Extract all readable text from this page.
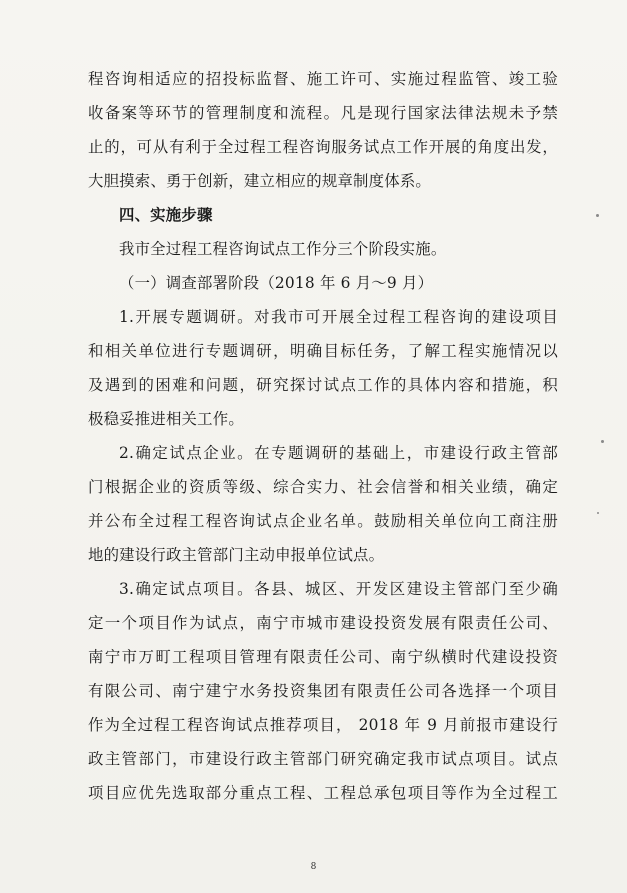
程咨询相适应的招投标监督、施工许可、实施过程监管、竣工验
收备案等环节的管理制度和流程。凡是现行国家法律法规未予禁
止的，可从有利于全过程工程咨询服务试点工作开展的角度出发，
大胆摸索、勇于创新，建立相应的规章制度体系。
四、实施步骤
我市全过程工程咨询试点工作分三个阶段实施。
（一）调查部署阶段（2018 年 6 月～9 月）
1.开展专题调研。对我市可开展全过程工程咨询的建设项目
和相关单位进行专题调研，明确目标任务，了解工程实施情况以
及遇到的困难和问题，研究探讨试点工作的具体内容和措施，积
极稳妥推进相关工作。
2.确定试点企业。在专题调研的基础上，市建设行政主管部
门根据企业的资质等级、综合实力、社会信誉和相关业绩，确定
并公布全过程工程咨询试点企业名单。鼓励相关单位向工商注册
地的建设行政主管部门主动申报单位试点。
3.确定试点项目。各县、城区、开发区建设主管部门至少确
定一个项目作为试点，南宁市城市建设投资发展有限责任公司、
南宁市万町工程项目管理有限责任公司、南宁纵横时代建设投资
有限公司、南宁建宁水务投资集团有限责任公司各选择一个项目
作为全过程工程咨询试点推荐项目， 2018 年 9 月前报市建设行
政主管部门，市建设行政主管部门研究确定我市试点项目。试点
项目应优先选取部分重点工程、工程总承包项目等作为全过程工
8
